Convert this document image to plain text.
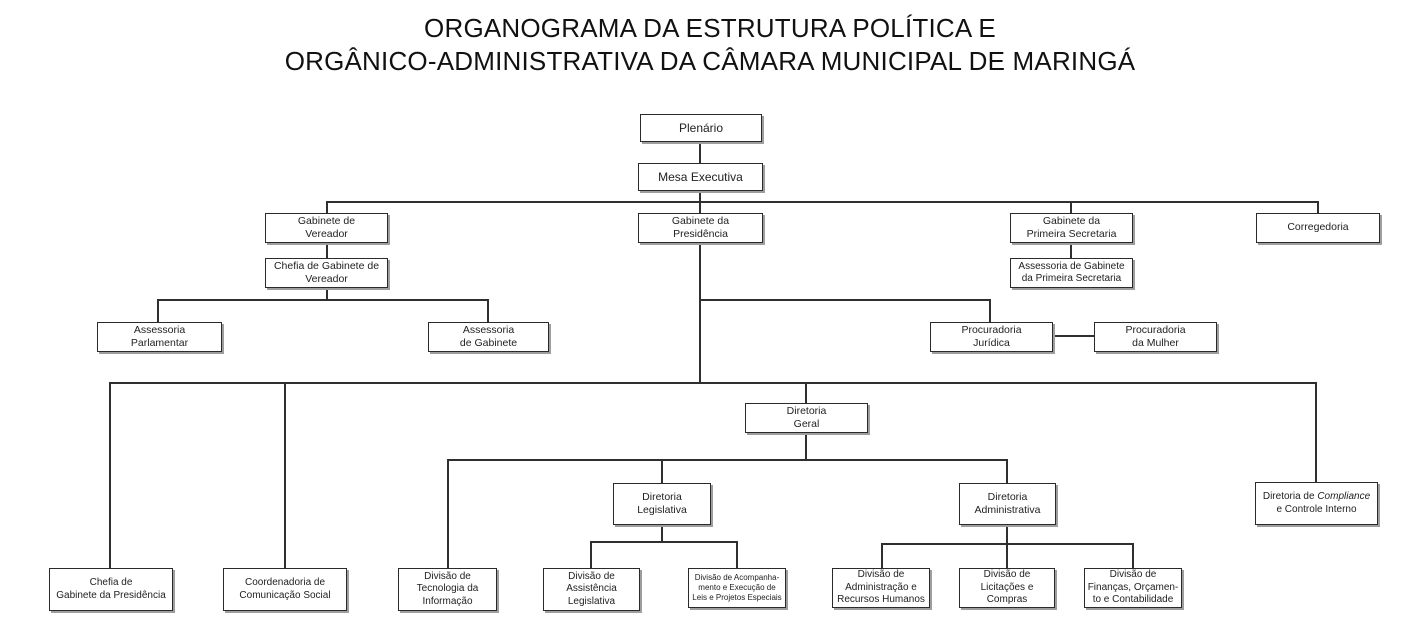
ORGANOGRAMA DA ESTRUTURA POLÍTICA E
ORGÂNICO-ADMINISTRATIVA DA CÂMARA MUNICIPAL DE MARINGÁ
Plenário
Mesa Executiva
Gabinete de
Vereador
Gabinete da
Presidência
Gabinete da
Primeira Secretaria
Corregedoria
Chefia de Gabinete de
Vereador
Assessoria de Gabinete
da Primeira Secretaria
Assessoria
Parlamentar
Assessoria
de Gabinete
Procuradoria
Jurídica
Procuradoria
da Mulher
Diretoria
Geral
Diretoria
Legislativa
Diretoria
Administrativa
Diretoria de Compliance
e Controle Interno
Chefia de
Gabinete da Presidência
Coordenadoria de
Comunicação Social
Divisão de
Tecnologia da
Informação
Divisão de
Assistência
Legislativa
Divisão de Acompanha-
mento e Execução de
Leis e Projetos Especiais
Divisão de
Administração e
Recursos Humanos
Divisão de
Licitações e
Compras
Divisão de
Finanças, Orçamen-
to e Contabilidade
